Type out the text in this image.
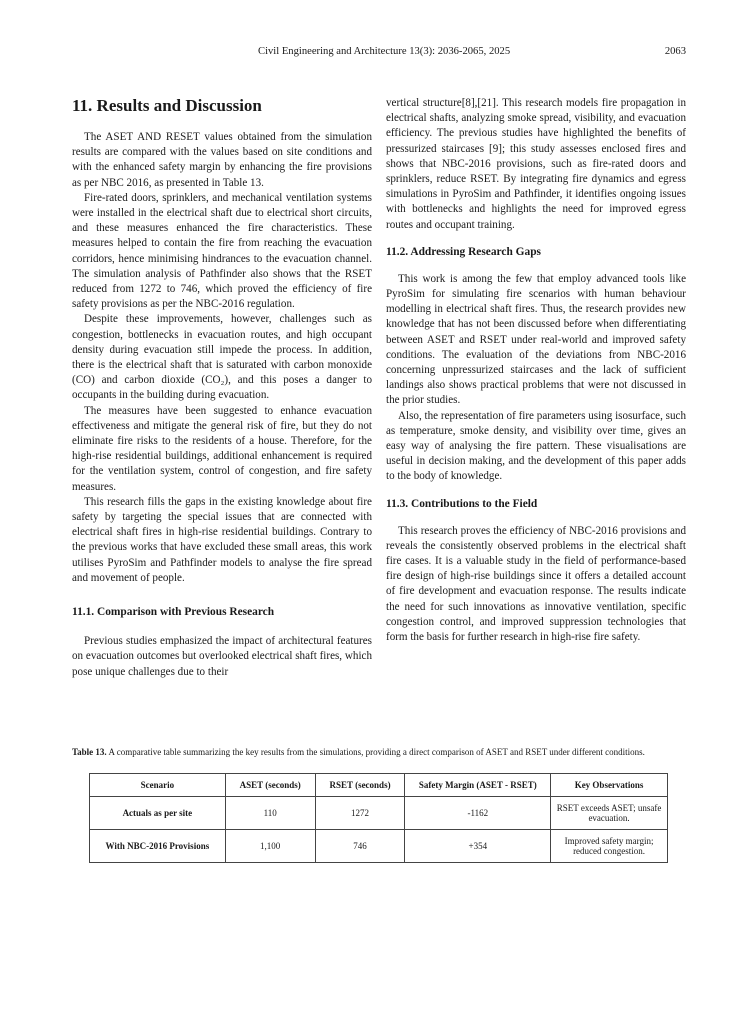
Civil Engineering and Architecture 13(3): 2036-2065, 2025	2063
11. Results and Discussion

The ASET AND RESET values obtained from the simulation results are compared with the values based on site conditions and with the enhanced safety margin by enhancing the fire provisions as per NBC 2016, as presented in Table 13.

Fire-rated doors, sprinklers, and mechanical ventilation systems were installed in the electrical shaft due to electrical short circuits, and these measures enhanced the fire characteristics. These measures helped to contain the fire from reaching the evacuation corridors, hence minimising hindrances to the evacuation channel. The simulation analysis of Pathfinder also shows that the RSET reduced from 1272 to 746, which proved the efficiency of fire safety provisions as per the NBC-2016 regulation.

Despite these improvements, however, challenges such as congestion, bottlenecks in evacuation routes, and high occupant density during evacuation still impede the process. In addition, there is the electrical shaft that is saturated with carbon monoxide (CO) and carbon dioxide (CO₂), and this poses a danger to occupants in the building during evacuation.

The measures have been suggested to enhance evacuation effectiveness and mitigate the general risk of fire, but they do not eliminate fire risks to the residents of a house. Therefore, for the high-rise residential buildings, additional enhancement is required for the ventilation system, control of congestion, and fire safety measures.

This research fills the gaps in the existing knowledge about fire safety by targeting the special issues that are connected with electrical shaft fires in high-rise residential buildings. Contrary to the previous works that have excluded these small areas, this work utilises PyroSim and Pathfinder models to analyse the fire spread and movement of people.

11.1. Comparison with Previous Research

Previous studies emphasized the impact of architectural features on evacuation outcomes but overlooked electrical shaft fires, which pose unique challenges due to their

vertical structure[8],[21]. This research models fire propagation in electrical shafts, analyzing smoke spread, visibility, and evacuation efficiency. The previous studies have highlighted the benefits of pressurized staircases [9]; this study assesses enclosed fires and shows that NBC-2016 provisions, such as fire-rated doors and sprinklers, reduce RSET. By integrating fire dynamics and egress simulations in PyroSim and Pathfinder, it identifies ongoing issues with bottlenecks and highlights the need for improved egress routes and occupant training.

11.2. Addressing Research Gaps

This work is among the few that employ advanced tools like PyroSim for simulating fire scenarios with human behaviour modelling in electrical shaft fires. Thus, the research provides new knowledge that has not been discussed before when differentiating between ASET and RSET under real-world and improved safety conditions. The evaluation of the deviations from NBC-2016 concerning unpressurized staircases and the lack of sufficient landings also shows practical problems that were not discussed in the prior studies.

Also, the representation of fire parameters using isosurface, such as temperature, smoke density, and visibility over time, gives an easy way of analysing the fire pattern. These visualisations are useful in decision making, and the development of this paper adds to the body of knowledge.

11.3. Contributions to the Field

This research proves the efficiency of NBC-2016 provisions and reveals the consistently observed problems in the electrical shaft fire cases. It is a valuable study in the field of performance-based fire design of high-rise buildings since it offers a detailed account of fire development and evacuation response. The results indicate the need for such innovations as innovative ventilation, specific congestion control, and improved suppression technologies that form the basis for further research in high-rise fire safety.

Table 13. A comparative table summarizing the key results from the simulations, providing a direct comparison of ASET and RSET under different conditions.
Scenario	ASET (seconds)	RSET (seconds)	Safety Margin (ASET - RSET)	Key Observations
Actuals as per site	110	1272	-1162	RSET exceeds ASET; unsafe evacuation.
With NBC-2016 Provisions	1,100	746	+354	Improved safety margin; reduced congestion.
